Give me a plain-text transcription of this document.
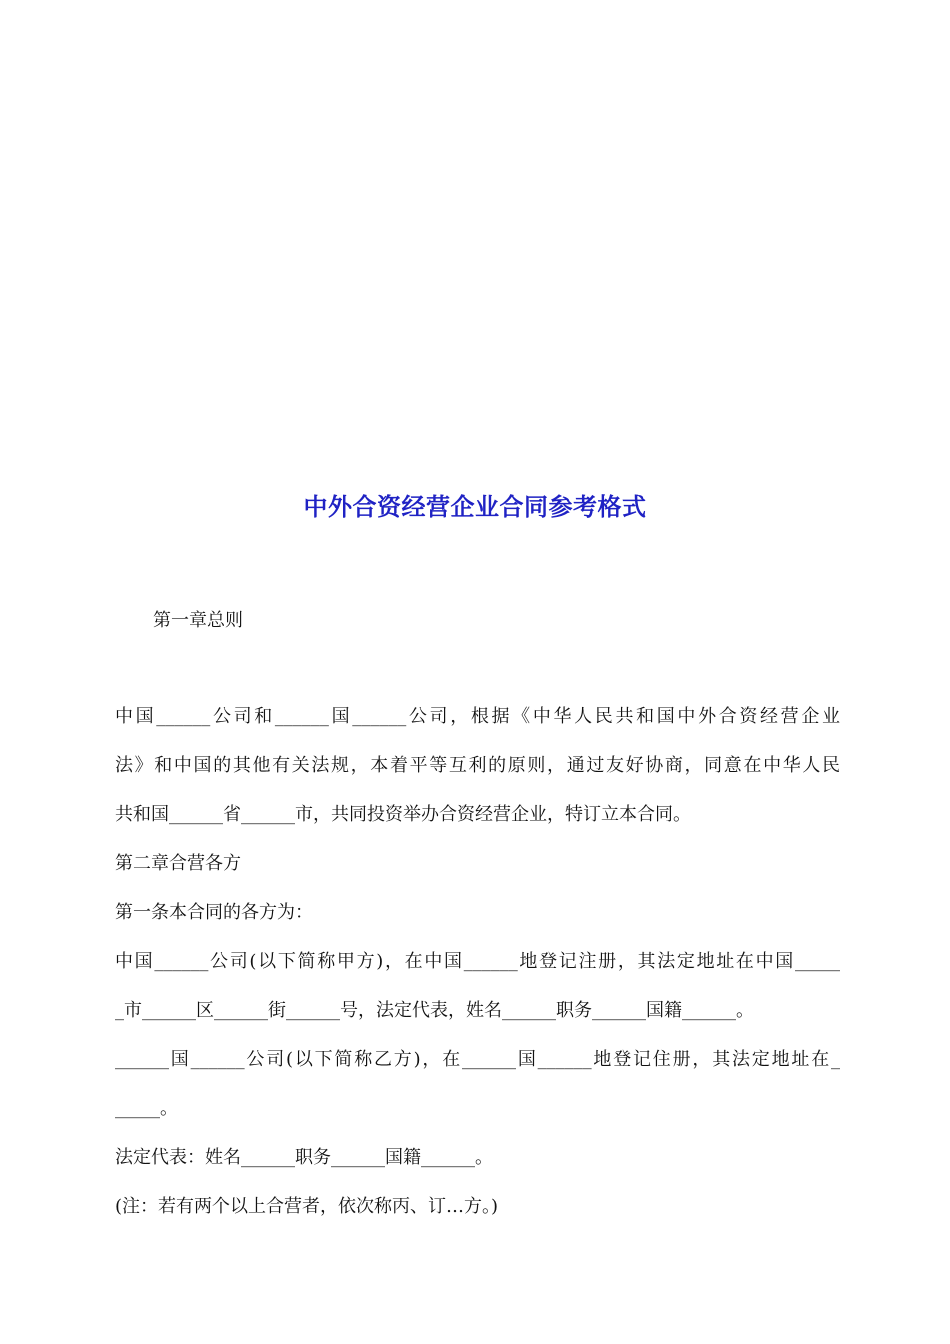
中外合资经营企业合同参考格式

第一章总则

中国______公司和______国______公司，根据《中华人民共和国中外合资经营企业

法》和中国的其他有关法规，本着平等互利的原则，通过友好协商，同意在中华人民

共和国______省______市，共同投资举办合资经营企业，特订立本合同。

第二章合营各方

第一条本合同的各方为：

中国______公司(以下简称甲方)，在中国______地登记注册，其法定地址在中国_____

_市______区______街______号，法定代表，姓名______职务______国籍______。

______国______公司(以下简称乙方)，在______国______地登记住册，其法定地址在_

_____。

法定代表：姓名______职务______国籍______。

(注：若有两个以上合营者，依次称丙、订…方。)
